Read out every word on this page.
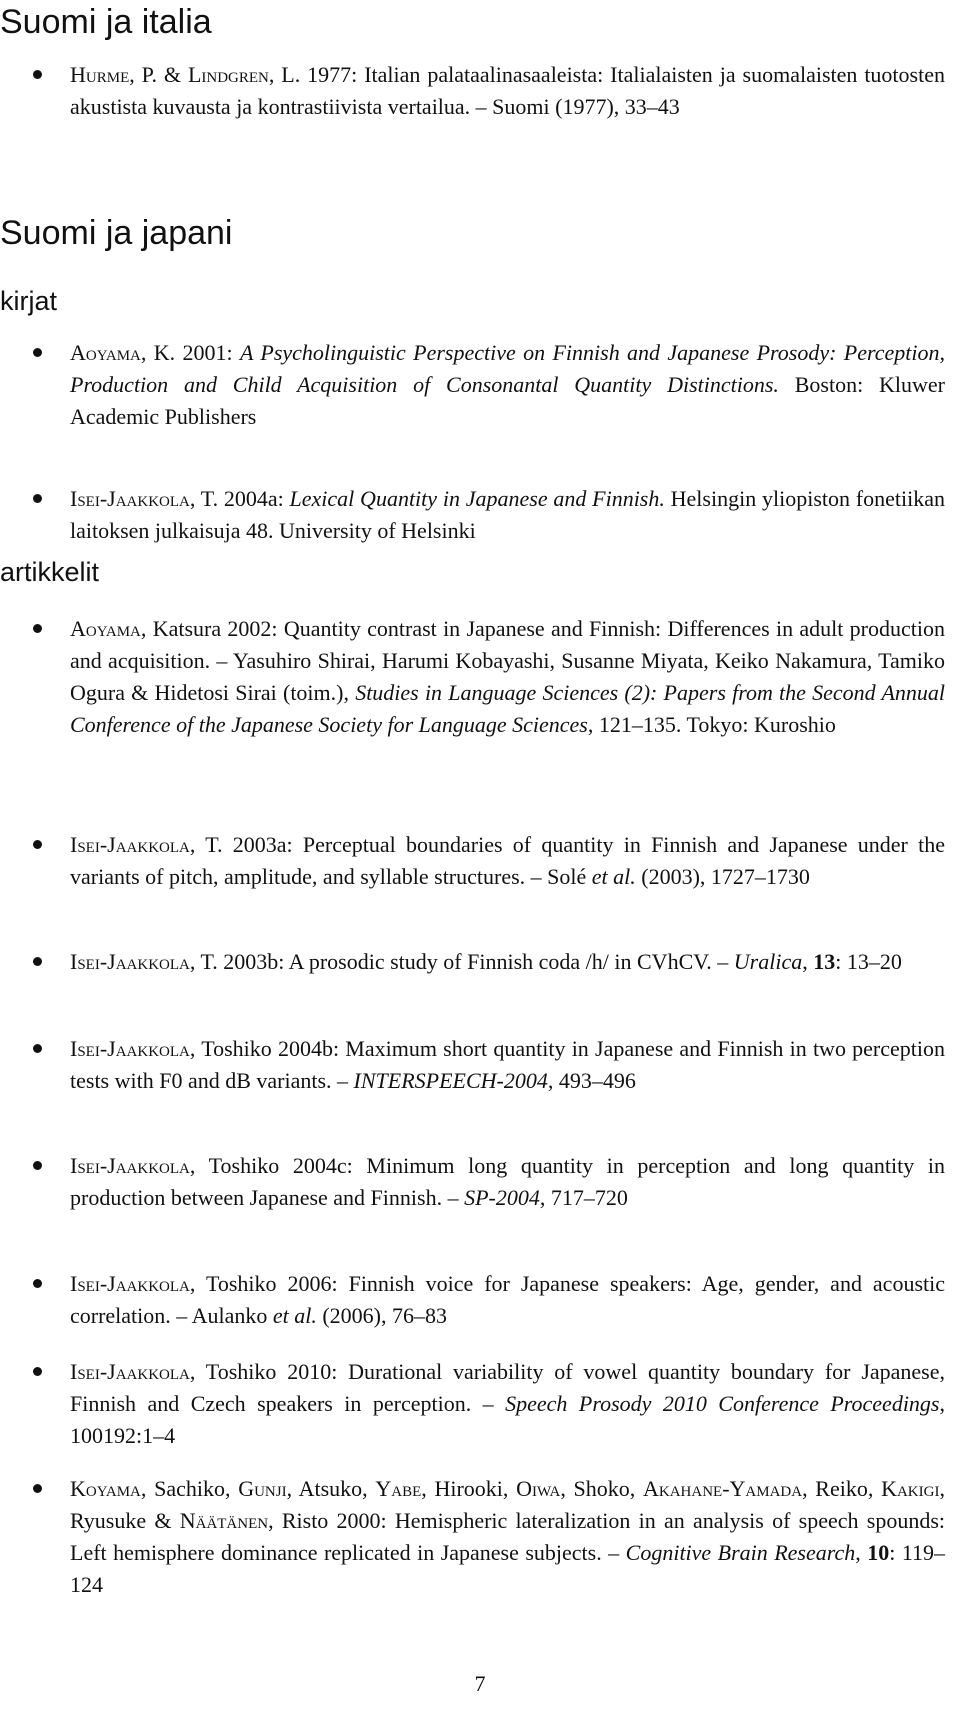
Suomi ja italia
Hurme, P. & Lindgren, L. 1977: Italian palataalinasaaleista: Italialaisten ja suomalaisten tuotosten akustista kuvausta ja kontrastiivista vertailua. – Suomi (1977), 33–43
Suomi ja japani
kirjat
Aoyama, K. 2001: A Psycholinguistic Perspective on Finnish and Japanese Prosody: Perception, Production and Child Acquisition of Consonantal Quantity Distinctions. Boston: Kluwer Academic Publishers
Isei-Jaakkola, T. 2004a: Lexical Quantity in Japanese and Finnish. Helsingin yliopiston fonetiikan laitoksen julkaisuja 48. University of Helsinki
artikkelit
Aoyama, Katsura 2002: Quantity contrast in Japanese and Finnish: Differences in adult production and acquisition. – Yasuhiro Shirai, Harumi Kobayashi, Susanne Miyata, Keiko Nakamura, Tamiko Ogura & Hidetosi Sirai (toim.), Studies in Language Sciences (2): Papers from the Second Annual Conference of the Japanese Society for Language Sciences, 121–135. Tokyo: Kuroshio
Isei-Jaakkola, T. 2003a: Perceptual boundaries of quantity in Finnish and Japanese under the variants of pitch, amplitude, and syllable structures. – Solé et al. (2003), 1727–1730
Isei-Jaakkola, T. 2003b: A prosodic study of Finnish coda /h/ in CVhCV. – Uralica, 13: 13–20
Isei-Jaakkola, Toshiko 2004b: Maximum short quantity in Japanese and Finnish in two perception tests with F0 and dB variants. – INTERSPEECH-2004, 493–496
Isei-Jaakkola, Toshiko 2004c: Minimum long quantity in perception and long quantity in production between Japanese and Finnish. – SP-2004, 717–720
Isei-Jaakkola, Toshiko 2006: Finnish voice for Japanese speakers: Age, gender, and acoustic correlation. – Aulanko et al. (2006), 76–83
Isei-Jaakkola, Toshiko 2010: Durational variability of vowel quantity boundary for Japanese, Finnish and Czech speakers in perception. – Speech Prosody 2010 Conference Proceedings, 100192:1–4
Koyama, Sachiko, Gunji, Atsuko, Yabe, Hirooki, Oiwa, Shoko, Akahane-Yamada, Reiko, Kakigi, Ryusuke & Näätänen, Risto 2000: Hemispheric lateralization in an analysis of speech spounds: Left hemisphere dominance replicated in Japanese subjects. – Cognitive Brain Research, 10: 119–124
7
